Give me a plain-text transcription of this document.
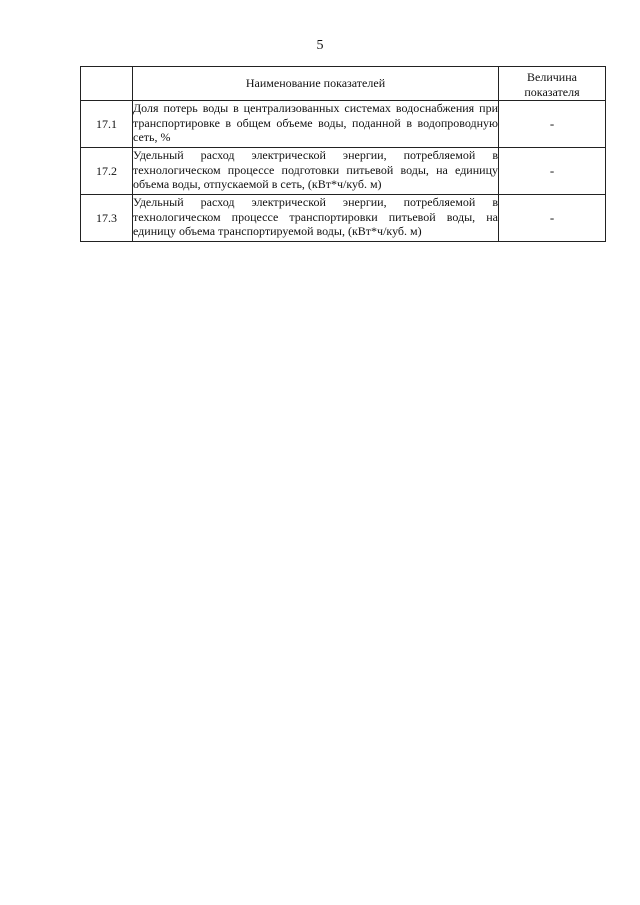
5
	Наименование показателей	Величина показателя
17.1	Доля потерь воды в централизованных системах водоснабжения при транспортировке в общем объеме воды, поданной в водопроводную сеть, %	-
17.2	Удельный расход электрической энергии, потребляемой в технологическом процессе подготовки питьевой воды, на единицу объема воды, отпускаемой в сеть, (кВт*ч/куб. м)	-
17.3	Удельный расход электрической энергии, потребляемой в технологическом процессе транспортировки питьевой воды, на единицу объема транспортируемой воды, (кВт*ч/куб. м)	-
